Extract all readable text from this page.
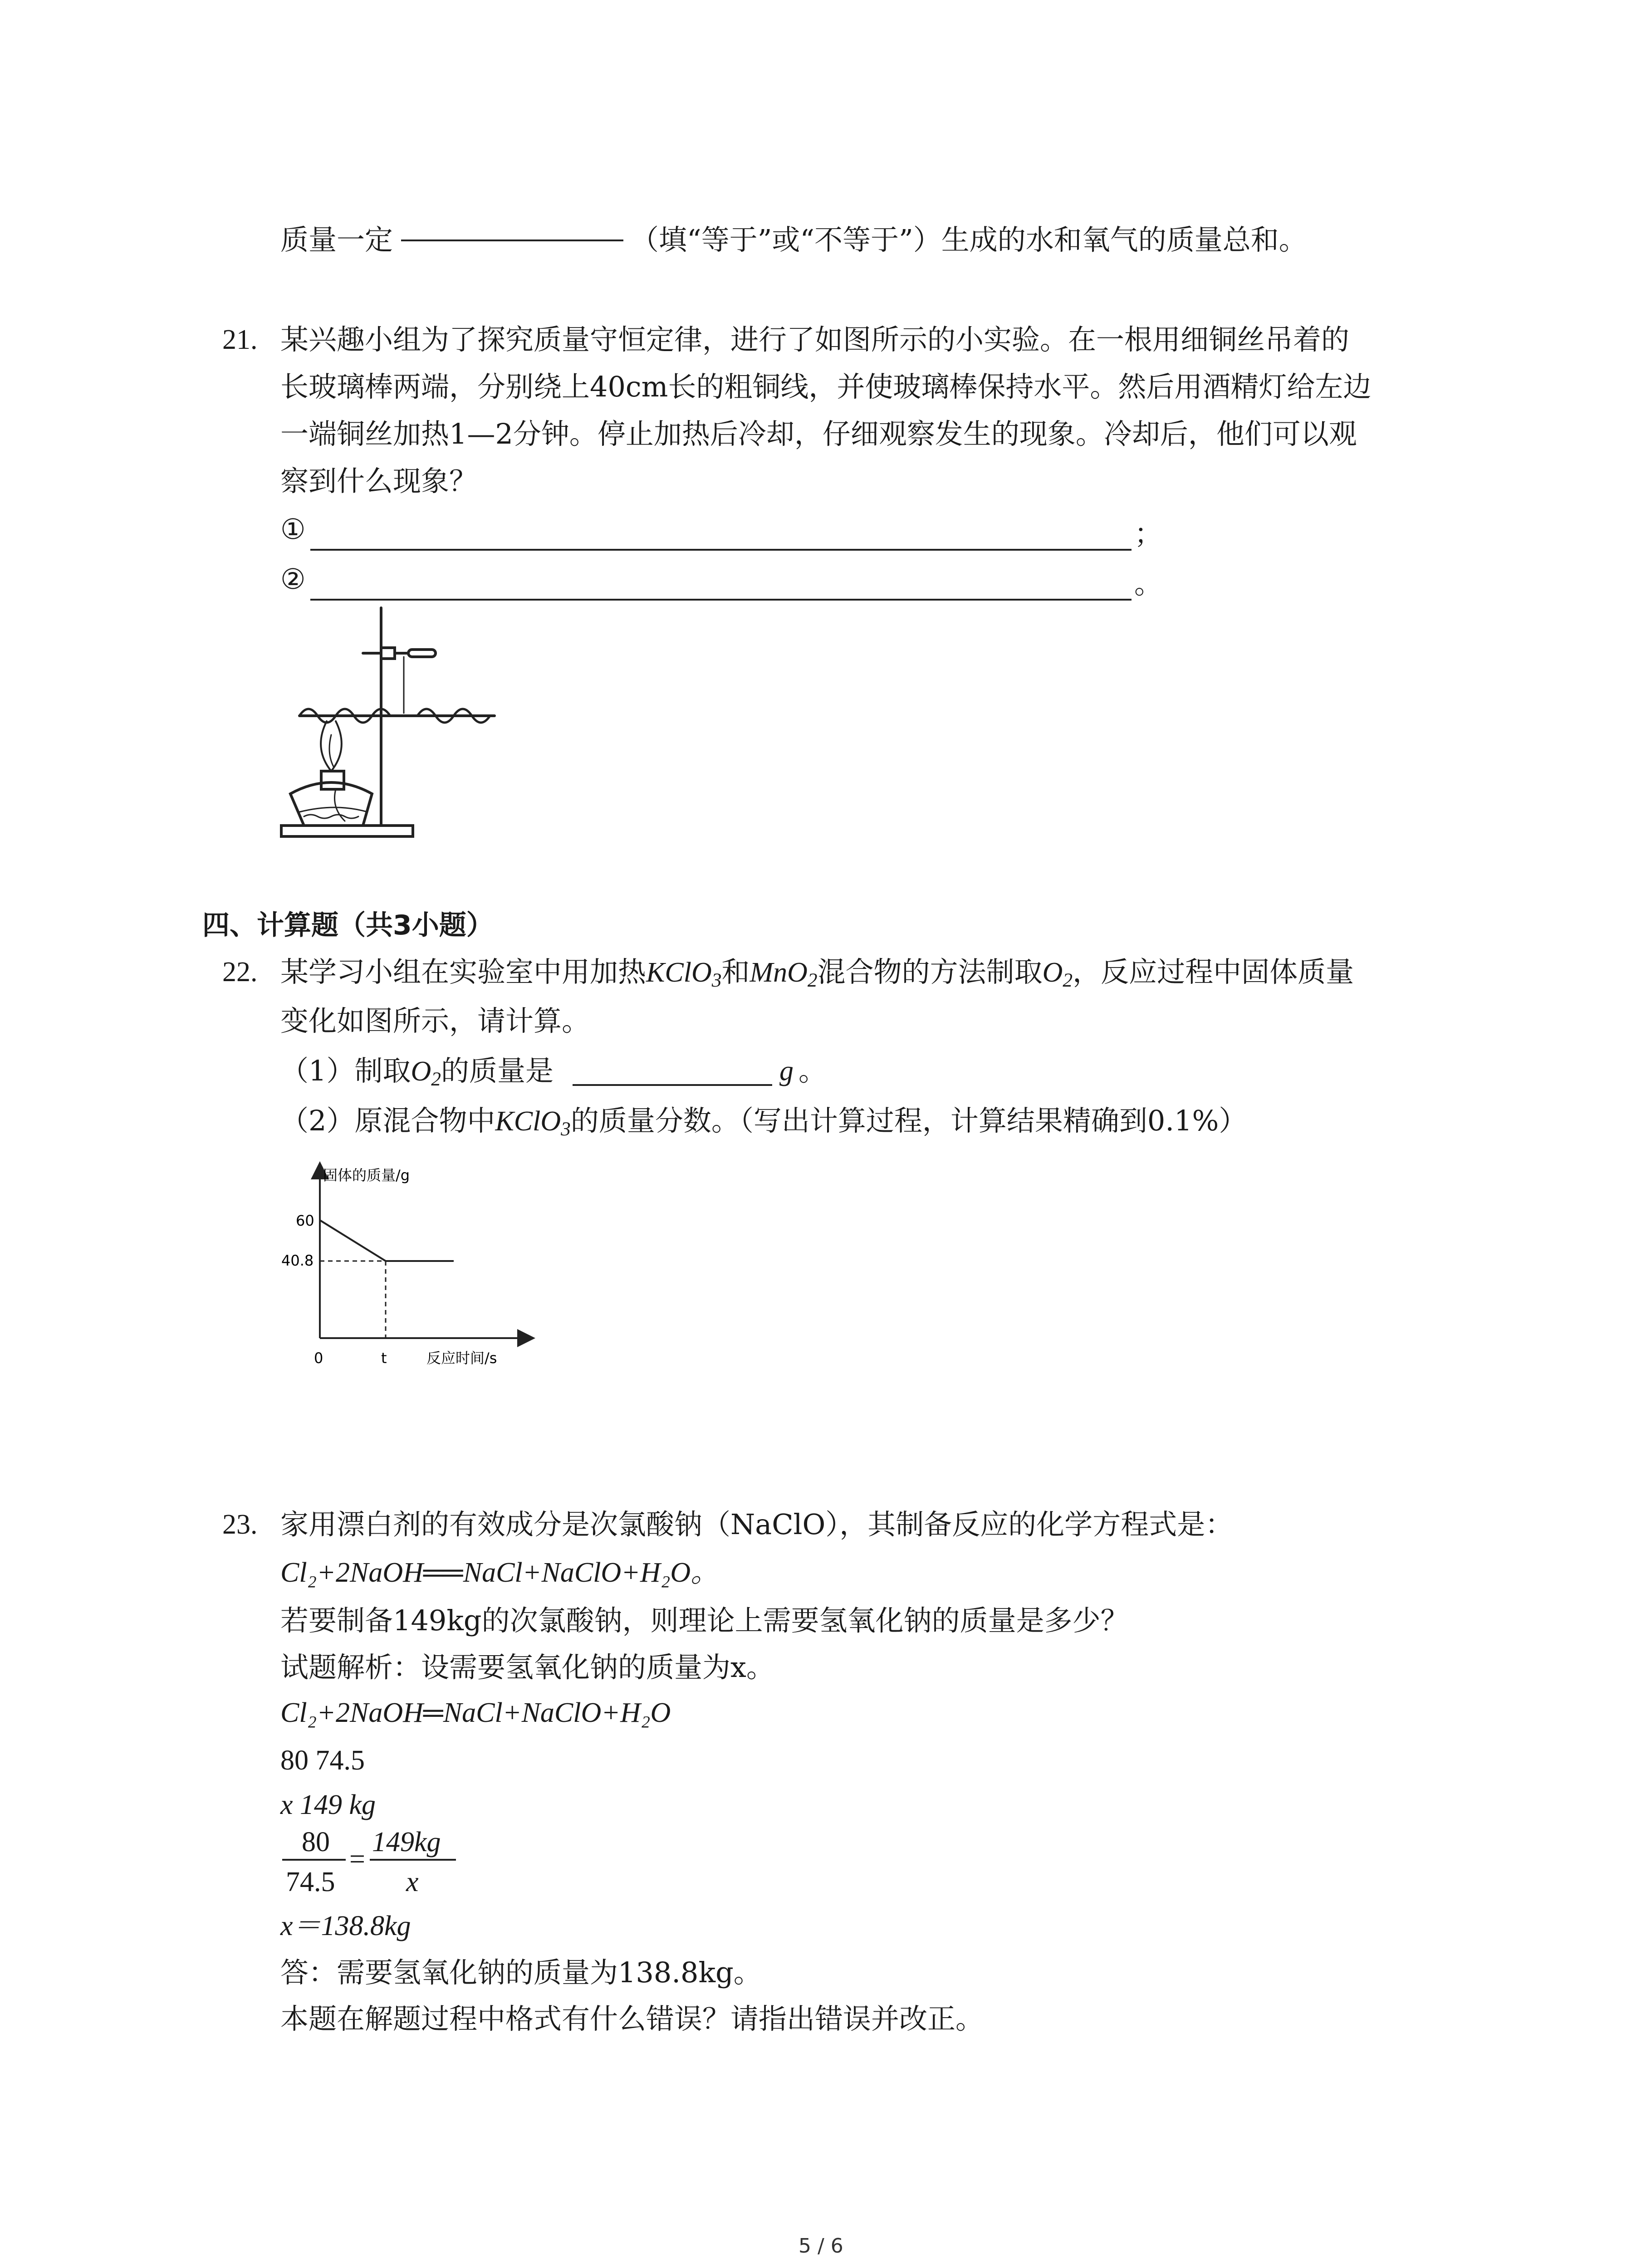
质量一定	（填“等于”或“不等于”）生成的水和氧气的质量总和。
21. 某兴趣小组为了探究质量守恒定律，进行了如图所示的小实验。在一根用细铜丝吊着的
长玻璃棒两端，分别绕上40cm长的粗铜线，并使玻璃棒保持水平。然后用酒精灯给左边
一端铜丝加热1—2分钟。停止加热后冷却，仔细观察发生的现象。冷却后，他们可以观
察到什么现象？
①	；
②	。
四、计算题（共3小题）
22. 某学习小组在实验室中用加热KClO$_3$和MnO$_2$混合物的方法制取$O_2$，反应过程中固体质量
变化如图所示，请计算。
（1）制取$O_2$的质量是	g 。
（2）原混合物中KClO$_3$的质量分数。（写出计算过程，计算结果精确到0.1%）
固体的质量/g
反应时间/s
0	t
60
40.8
23. 家用漂白剂的有效成分是次氯酸钠（NaClO），其制备反应的化学方程式是：
Cl₂+2NaOH══NaCl+NaClO+H₂O。
若要制备149kg的次氯酸钠，则理论上需要氢氧化钠的质量是多少？
试题解析：设需要氢氧化钠的质量为x。
Cl₂+2NaOH═NaCl+NaClO+H₂O
80 74.5
x 149 kg
80
74.5
=
149kg
x
x＝138.8kg
答：需要氢氧化钠的质量为138.8kg。
本题在解题过程中格式有什么错误？请指出错误并改正。
5 / 6
